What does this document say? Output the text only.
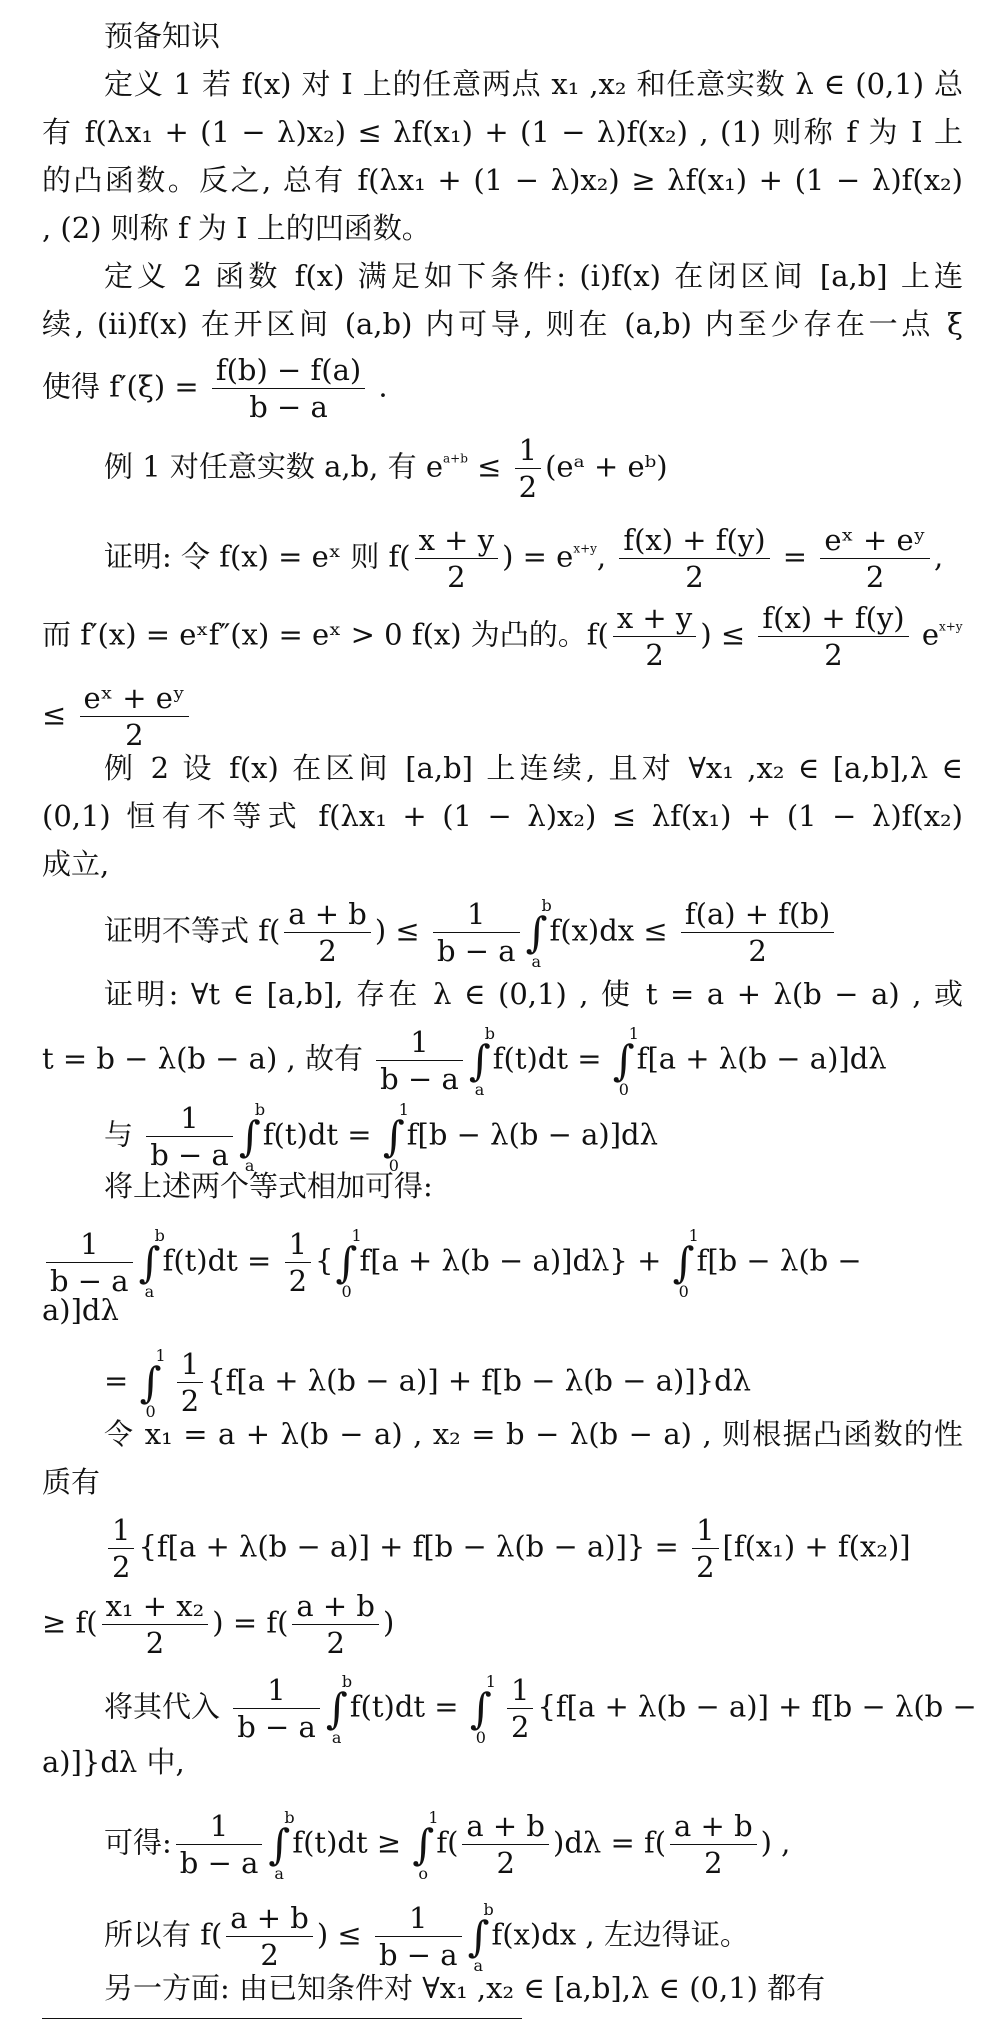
预备知识
定义 1 若 f(x) 对 I 上的任意两点 x₁ ,x₂ 和任意实数 λ ∈ (0,1) 总
有 f(λx₁ + (1 − λ)x₂) ≤ λf(x₁) + (1 − λ)f(x₂) , (1) 则称 f 为 I 上
的凸函数。反之, 总有 f(λx₁ + (1 − λ)x₂) ≥ λf(x₁) + (1 − λ)f(x₂)
, (2) 则称 f 为 I 上的凹函数。
定义 2 函数 f(x) 满足如下条件: (i)f(x) 在闭区间 [a,b] 上连
续, (ii)f(x) 在开区间 (a,b) 内可导, 则在 (a,b) 内至少存在一点 ξ
使得 $f'(\xi) = \frac{f(b) - f(a)}{b - a}$ .
例 1 对任意实数 a,b, 有 $e^{a+b} \le \frac{1}{2}$ (eᵃ + eᵇ)
证明: 令 f(x) = eˣ 则 $f( \frac{x + y}{2}$ ) = $e^{x+y}$, $\frac{f(x) + f(y)}{2} = \frac{\text{eˣ + eʸ}}{2}$ ,
而 f′(x) = eˣf″(x) = eˣ > 0 f(x) 为凸的。$f( \frac{x + y}{2}$ ) ≤ $\frac{f(x) + f(y)}{2} e^{x+y}$
≤ $\frac{\text{eˣ + eʸ}}{2}$
例 2 设 f(x) 在区间 [a,b] 上连续, 且对 ∀x₁ ,x₂ ∈ [a,b],λ ∈
(0,1) 恒有不等式 f(λx₁ + (1 − λ)x₂) ≤ λf(x₁) + (1 − λ)f(x₂)
成立,
证明不等式 $f( \frac{a + b}{2}$ ) ≤ $\frac{1}{b - a}$ ∫
b
a
$f(x)dx \le \frac{f(a) + f(b)}{2}$
证明: ∀t ∈ [a,b], 存在 λ ∈ (0,1) , 使 t = a + λ(b − a) , 或
t = b − λ(b − a) , 故有 $\frac{1}{b - a}$ ∫
b
a
f(t)dt = ∫
1
0
f[a + λ(b − a)]dλ
与 $\frac{1}{b - a}$ ∫
b
a
f(t)dt = ∫
1
0
f[b − λ(b − a)]dλ
将上述两个等式相加可得:
$\frac{1}{b - a}$ ∫
b
a
$f(t)dt = \frac{1}{2}$ {∫
1
0
f[a + λ(b − a)]dλ} + ∫
1
0
f[b − λ(b −
a)]dλ
= ∫
1
0
$\frac{1}{2} \{f[a + \lambda(b - a)] + f[b - \lambda(b - a)]\}d\lambda$
令 x₁ = a + λ(b − a) , x₂ = b − λ(b − a) , 则根据凸函数的性
质有
$\frac{1}{2} \{f[a + \lambda(b - a)] + f[b - \lambda(b - a)]\} = \frac{1}{2} [f(x_1) + f(x_2)]$
≥ $f( \frac{\text{x₁ + x₂}}{2}$ ) = $f( \frac{a + b}{2}$ )
将其代入 $\frac{1}{b - a}$ ∫
b
a
f(t)dt = ∫
1
0
$\frac{1}{2} \{f[a + \lambda(b - a)] + f[b - \lambda(b$ −
a)]}dλ 中,
可得: $\frac{1}{b - a}$ ∫
b
a
f(t)dt ≥ ∫
1
o
$f( \frac{a + b}{2} )d\lambda = f( \frac{a + b}{2}$ ) ,
所以有 $f( \frac{a + b}{2}$ ) ≤ $\frac{1}{b - a}$ ∫
b
a
f(x)dx , 左边得证。
另一方面: 由已知条件对 ∀x₁ ,x₂ ∈ [a,b],λ ∈ (0,1) 都有
